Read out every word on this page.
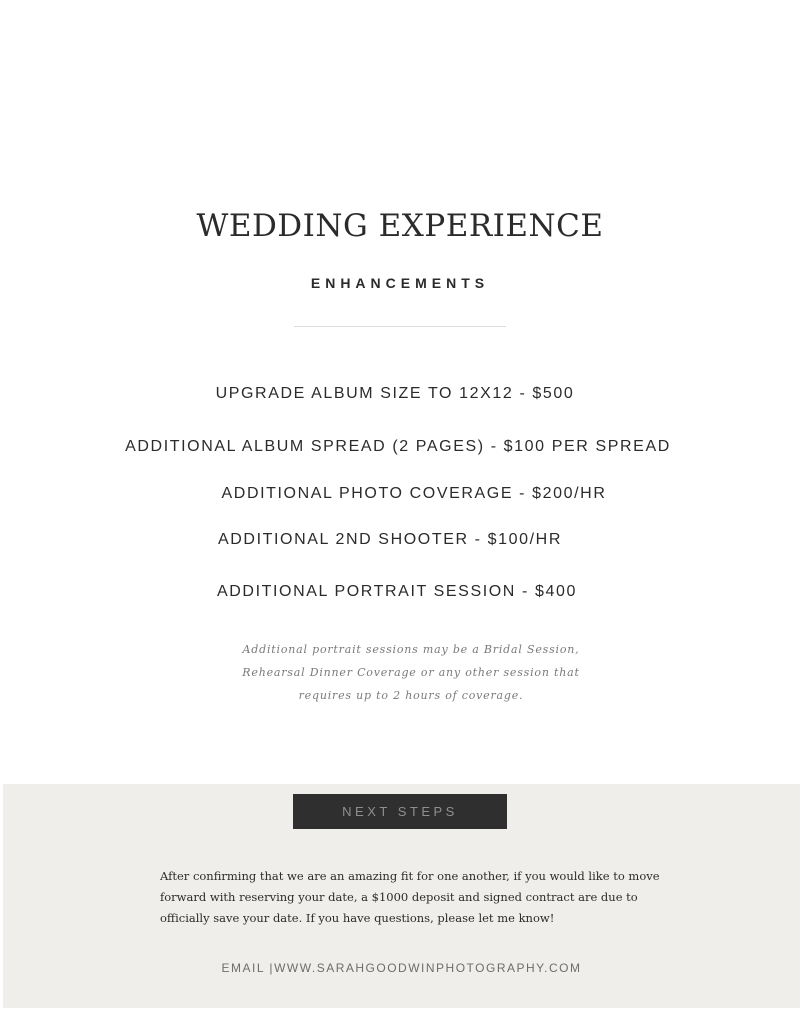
WEDDING EXPERIENCE
ENHANCEMENTS

UPGRADE ALBUM SIZE TO 12X12 - $500

ADDITIONAL ALBUM SPREAD (2 PAGES) - $100 PER SPREAD

ADDITIONAL PHOTO COVERAGE - $200/HR

ADDITIONAL 2ND SHOOTER - $100/HR

ADDITIONAL PORTRAIT SESSION - $400

Additional portrait sessions may be a Bridal Session, Rehearsal Dinner Coverage or any other session that requires up to 2 hours of coverage.

NEXT STEPS

After confirming that we are an amazing fit for one another, if you would like to move forward with reserving your date, a $1000 deposit and signed contract are due to officially save your date. If you have questions, please let me know!

EMAIL |WWW.SARAHGOODWINPHOTOGRAPHY.COM
